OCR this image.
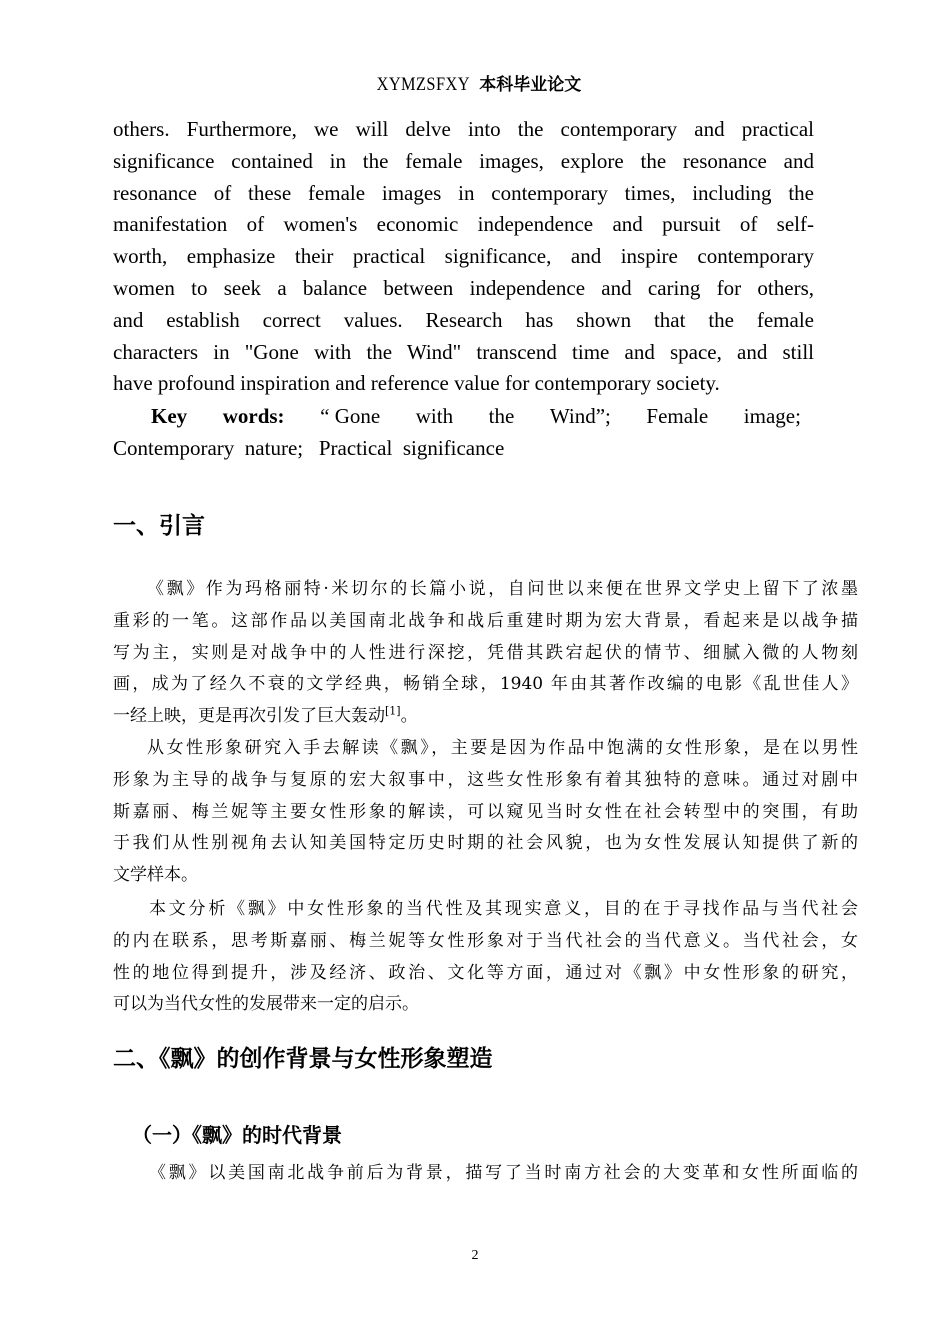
XYMZSFXY 本科毕业论文
others. Furthermore, we will delve into the contemporary and practical
significance contained in the female images, explore the resonance and
resonance of these female images in contemporary times, including the
manifestation of women's economic independence and pursuit of self-
worth, emphasize their practical significance, and inspire contemporary
women to seek a balance between independence and caring for others,
and establish correct values. Research has shown that the female
characters in "Gone with the Wind" transcend time and space, and still
have profound inspiration and reference value for contemporary society.
Key words: “ Gone with the Wind”; Female image;
Contemporary  nature;   Practical  significance
一、引言
《飘》作为玛格丽特·米切尔的长篇小说，自问世以来便在世界文学史上留下了浓墨
重彩的一笔。这部作品以美国南北战争和战后重建时期为宏大背景，看起来是以战争描
写为主，实则是对战争中的人性进行深挖，凭借其跌宕起伏的情节、细腻入微的人物刻
画，成为了经久不衰的文学经典，畅销全球，1940 年由其著作改编的电影《乱世佳人》
一经上映，更是再次引发了巨大轰动[1]。
从女性形象研究入手去解读《飘》，主要是因为作品中饱满的女性形象，是在以男性
形象为主导的战争与复原的宏大叙事中，这些女性形象有着其独特的意味。通过对剧中
斯嘉丽、梅兰妮等主要女性形象的解读，可以窥见当时女性在社会转型中的突围，有助
于我们从性别视角去认知美国特定历史时期的社会风貌，也为女性发展认知提供了新的
文学样本。
本文分析《飘》中女性形象的当代性及其现实意义，目的在于寻找作品与当代社会
的内在联系，思考斯嘉丽、梅兰妮等女性形象对于当代社会的当代意义。当代社会，女
性的地位得到提升，涉及经济、政治、文化等方面，通过对《飘》中女性形象的研究，
可以为当代女性的发展带来一定的启示。
二、《飘》的创作背景与女性形象塑造
（一）《飘》的时代背景
《飘》以美国南北战争前后为背景，描写了当时南方社会的大变革和女性所面临的
2
